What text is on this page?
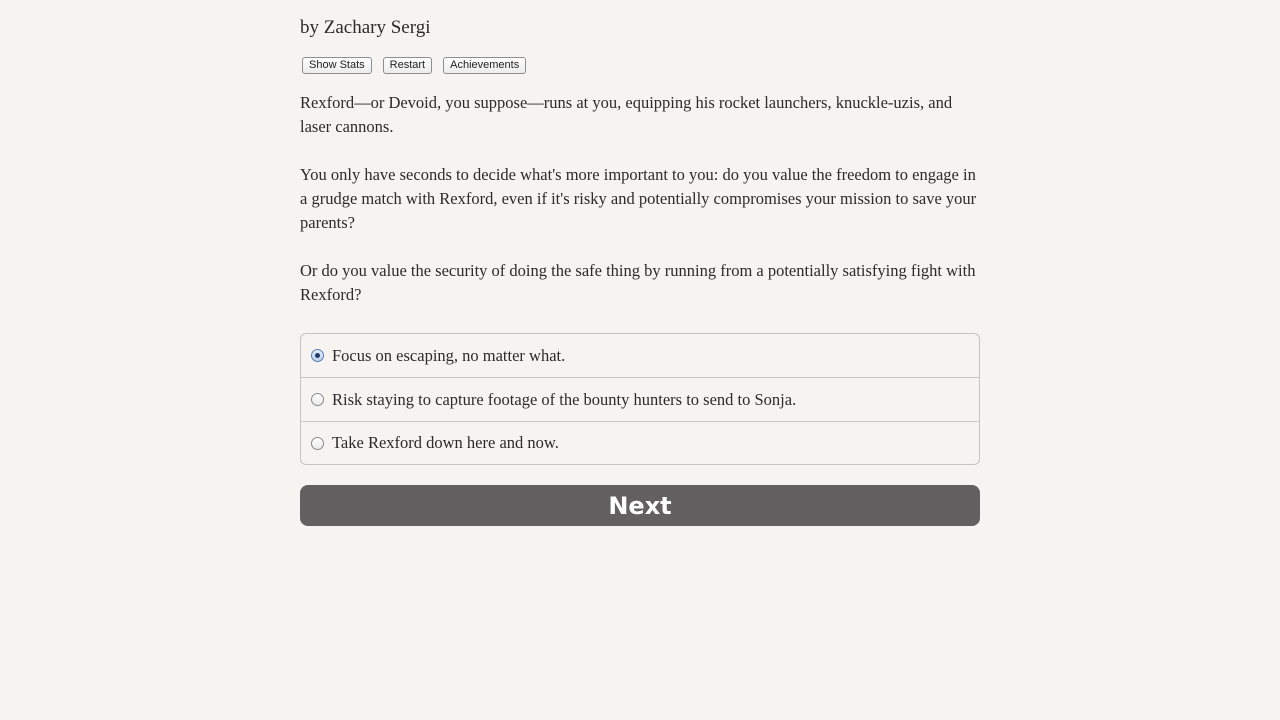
by Zachary Sergi
Show Stats	Restart	Achievements

Rexford—or Devoid, you suppose—runs at you, equipping his rocket launchers, knuckle-uzis, and laser cannons.

You only have seconds to decide what's more important to you: do you value the freedom to engage in a grudge match with Rexford, even if it's risky and potentially compromises your mission to save your parents?

Or do you value the security of doing the safe thing by running from a potentially satisfying fight with Rexford?

Focus on escaping, no matter what.
Risk staying to capture footage of the bounty hunters to send to Sonja.
Take Rexford down here and now.
Next
